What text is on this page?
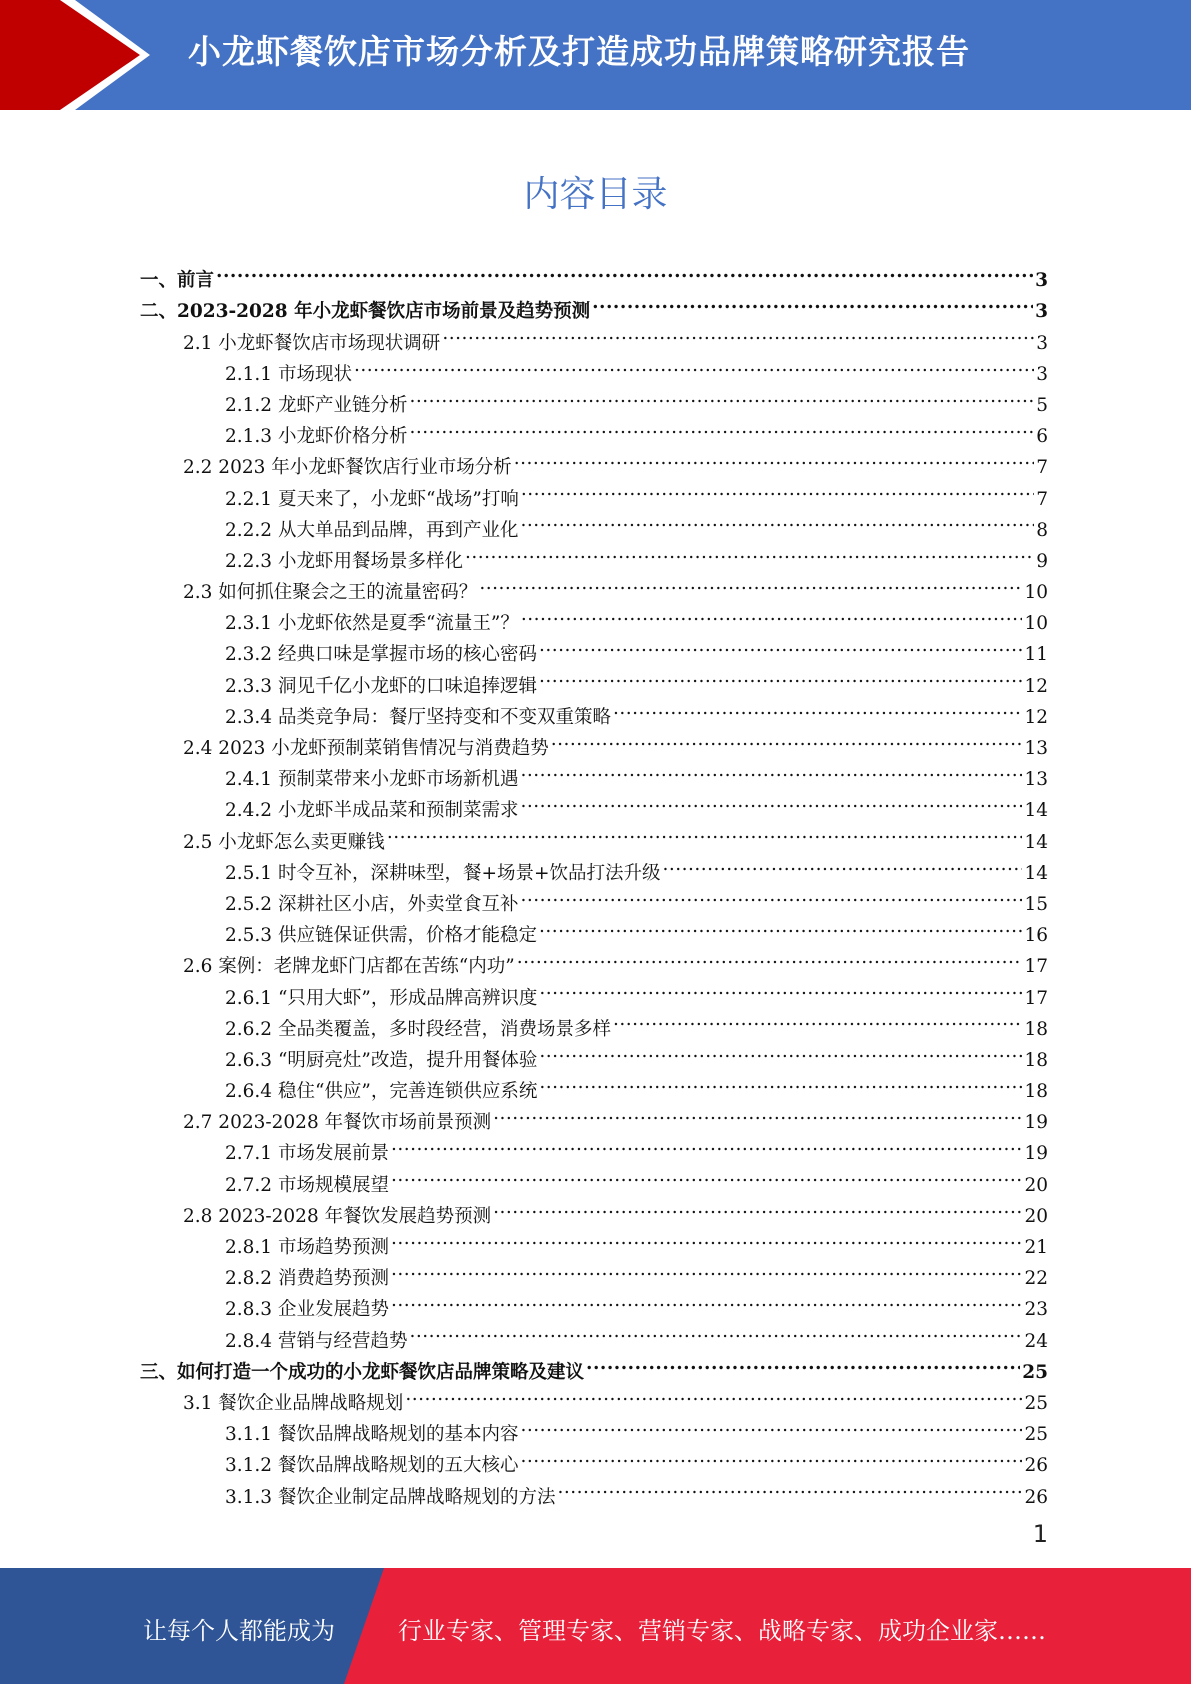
小龙虾餐饮店市场分析及打造成功品牌策略研究报告
内容目录
一、前言 .....	3
二、2023-2028 年小龙虾餐饮店市场前景及趋势预测 .....	3
2.1 小龙虾餐饮店市场现状调研 .....	3
2.1.1 市场现状 .....	3
2.1.2 龙虾产业链分析 .....	5
2.1.3 小龙虾价格分析 .....	6
2.2 2023 年小龙虾餐饮店行业市场分析 .....	7
2.2.1 夏天来了，小龙虾“战场”打响 .....	7
2.2.2 从大单品到品牌，再到产业化 .....	8
2.2.3 小龙虾用餐场景多样化 .....	9
2.3 如何抓住聚会之王的流量密码？ .....	10
2.3.1 小龙虾依然是夏季“流量王”？ .....	10
2.3.2 经典口味是掌握市场的核心密码 .....	11
2.3.3 洞见千亿小龙虾的口味追捧逻辑 .....	12
2.3.4 品类竞争局：餐厅坚持变和不变双重策略 .....	12
2.4 2023 小龙虾预制菜销售情况与消费趋势 .....	13
2.4.1 预制菜带来小龙虾市场新机遇 .....	13
2.4.2 小龙虾半成品菜和预制菜需求 .....	14
2.5 小龙虾怎么卖更赚钱 .....	14
2.5.1 时令互补，深耕味型，餐+场景+饮品打法升级 .....	14
2.5.2 深耕社区小店，外卖堂食互补 .....	15
2.5.3 供应链保证供需，价格才能稳定 .....	16
2.6 案例：老牌龙虾门店都在苦练“内功” .....	17
2.6.1 “只用大虾”，形成品牌高辨识度 .....	17
2.6.2 全品类覆盖，多时段经营，消费场景多样 .....	18
2.6.3 “明厨亮灶”改造，提升用餐体验 .....	18
2.6.4 稳住“供应”，完善连锁供应系统 .....	18
2.7 2023-2028 年餐饮市场前景预测 .....	19
2.7.1 市场发展前景 .....	19
2.7.2 市场规模展望 .....	20
2.8 2023-2028 年餐饮发展趋势预测 .....	20
2.8.1 市场趋势预测 .....	21
2.8.2 消费趋势预测 .....	22
2.8.3 企业发展趋势 .....	23
2.8.4 营销与经营趋势 .....	24
三、如何打造一个成功的小龙虾餐饮店品牌策略及建议 .....	25
3.1 餐饮企业品牌战略规划 .....	25
3.1.1 餐饮品牌战略规划的基本内容 .....	25
3.1.2 餐饮品牌战略规划的五大核心 .....	26
3.1.3 餐饮企业制定品牌战略规划的方法 .....	26
1
让每个人都能成为	行业专家、管理专家、营销专家、战略专家、成功企业家……
